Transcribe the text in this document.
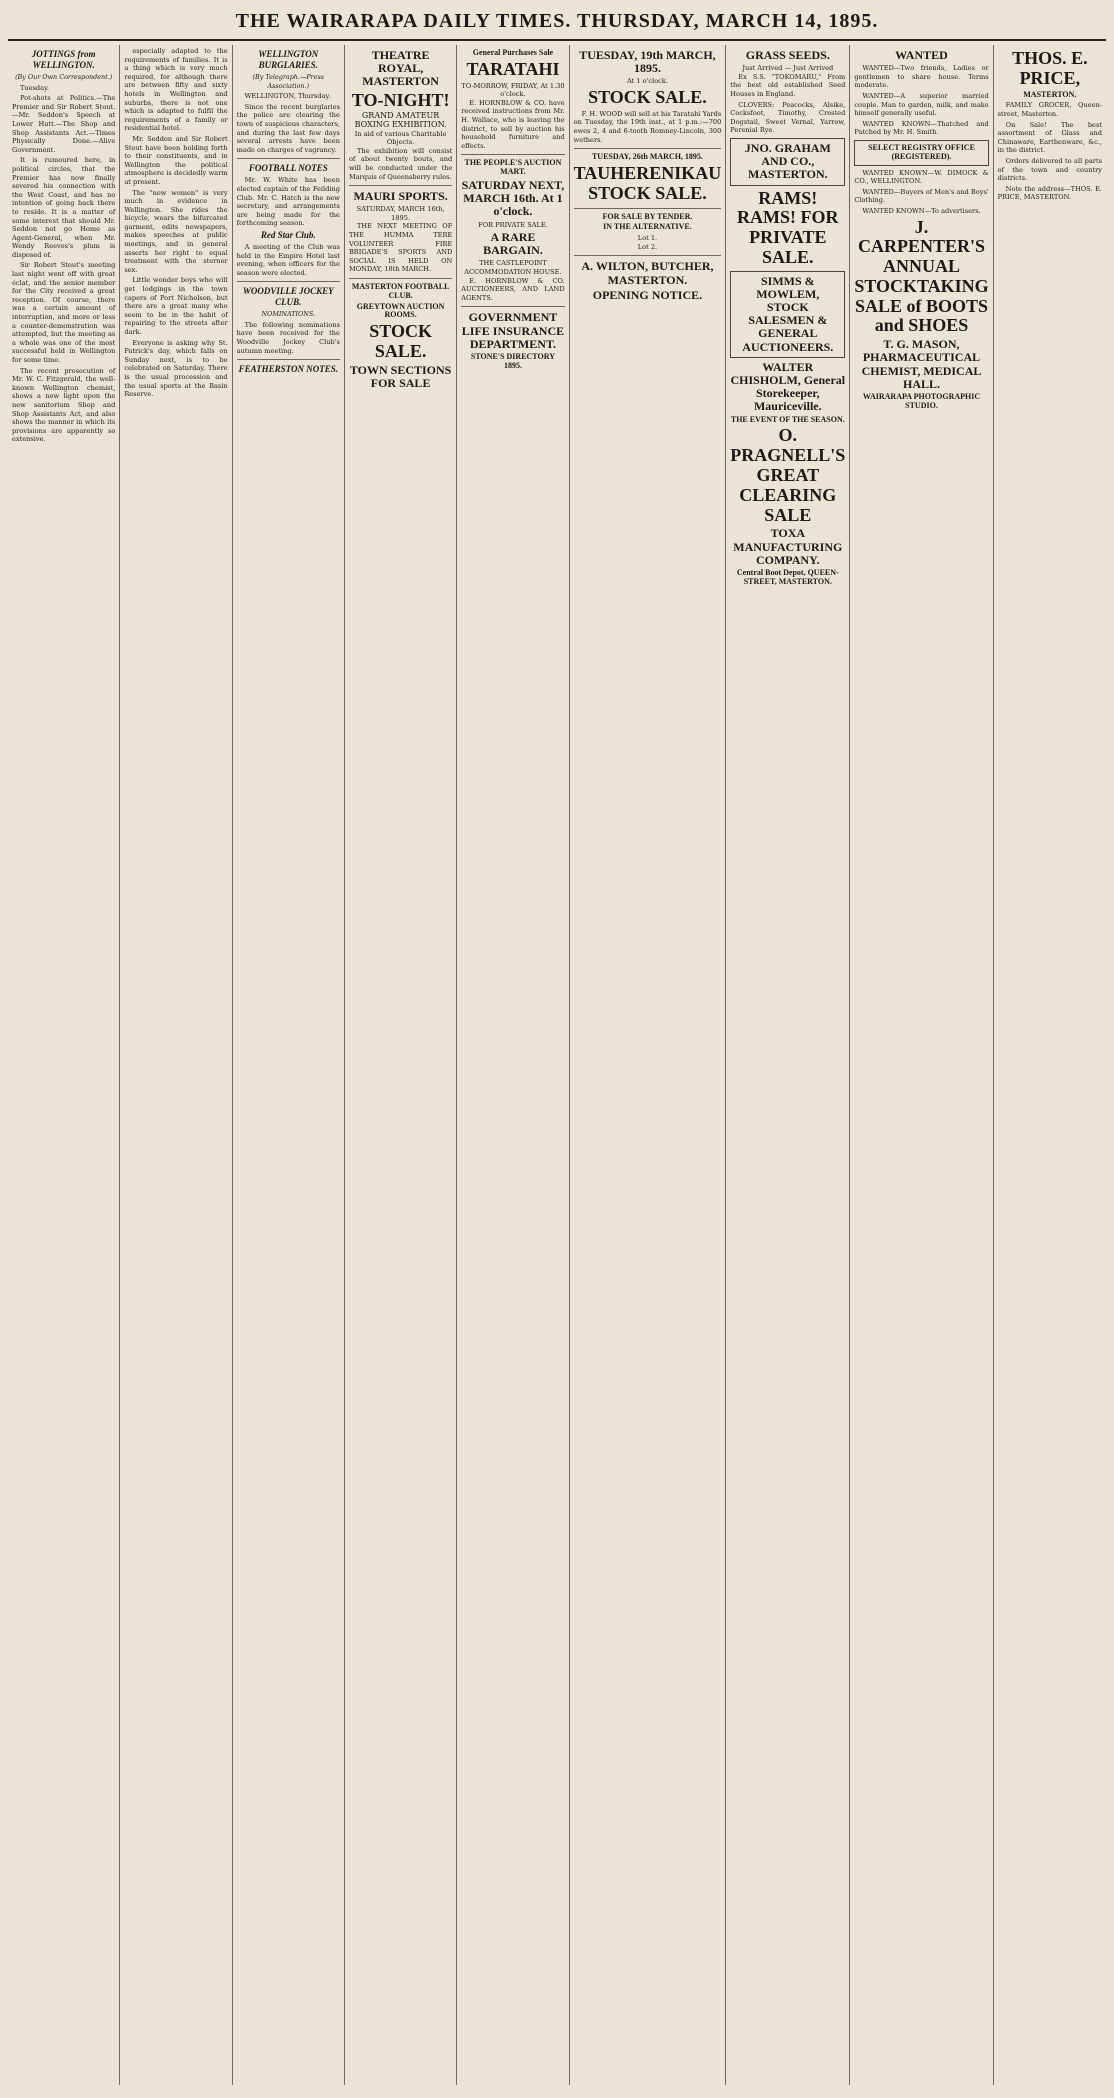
THE WAIRARAPA DAILY TIMES. THURSDAY, MARCH 14, 1895.
JOTTINGS from WELLINGTON.
(By Our Own Correspondent.)

Tuesday.

Pot-shots at Politics.—The Premier and Sir Robert Stout.—Mr. Seddon's Speech at Lower Hutt.—The Shop and Shop Assistants Act.—Times Physically Done.—Alive Government.

It is rumoured here, in political circles, that the Premier has now finally severed his connection with the West Coast, and has no intention of going back there to reside. It is a matter of some interest that should Mr. Seddon not go Home as Agent-General, when Mr. Wendy Reeves's plum is disposed of.

Sir Robert Stout's meeting last night went off with great éclat, and the senior member for the City received a great reception. Of course, there was a certain amount of interruption, and more or less a counter-demonstration was attempted, but the meeting as a whole was one of the most successful held in Wellington for some time.

The recent prosecution of Mr. W. C. Fitzgerald, the well-known Wellington chemist, shows a new light upon the new sanitorium Shop and Shop Assistants Act, and also shows the manner in which its provisions are apparently so extensive.

especially adapted to the requirements of families. It is a thing which is very much required, for although there are between fifty and sixty hotels in Wellington and suburbs, there is not one which is adapted to fulfil the requirements of a family or residential hotel.

Mr. Seddon and Sir Robert Stout have been holding forth to their constituents, and in Wellington the political atmosphere is decidedly warm at present.

The "new women" is very much in evidence in Wellington. She rides the bicycle, wears the bifurcated garment, edits newspapers, makes speeches at public meetings, and in general asserts her right to equal treatment with the sterner sex.

Little wonder boys who will get lodgings in the town capers of Port Nicholson, but there are a great many who seem to be in the habit of repairing to the streets after dark.

Everyone is asking why St. Patrick's day, which falls on Sunday next, is to be celebrated on Saturday. There is the usual procession and the usual sports at the Basin Reserve.

WELLINGTON BURGLARIES.
(By Telegraph.—Press Association.)

WELLINGTON, Thursday.

Since the recent burglaries the police are clearing the town of suspicious characters, and during the last few days several arrests have been made on charges of vagrancy.

FOOTBALL NOTES

Mr. W. White has been elected captain of the Feilding Club. Mr. C. Hatch is the new secretary, and arrangements are being made for the forthcoming season.

Red Star Club.

A meeting of the Club was held in the Empire Hotel last evening, when officers for the season were elected.

WOODVILLE JOCKEY CLUB.
NOMINATIONS.

The following nominations have been received for the Woodville Jockey Club's autumn meeting.

FEATHERSTON NOTES.
THEATRE ROYAL, MASTERTON
TO-NIGHT!

GRAND AMATEUR BOXING EXHIBITION.

In aid of various Charitable Objects.

The exhibition will consist of about twenty bouts, and will be conducted under the Marquis of Queensberry rules.

MAURI SPORTS.

SATURDAY, MARCH 16th, 1895.

THE NEXT MEETING OF THE HUMMA TERE VOLUNTEER FIRE BRIGADE'S SPORTS AND SOCIAL IS HELD ON MONDAY, 18th MARCH.

MASTERTON FOOTBALL CLUB.
GREYTOWN AUCTION ROOMS.
STOCK SALE.
TOWN SECTIONS FOR SALE
General Purchases Sale
TARATAHI

TO-MORROW, FRIDAY, At 1.30 o'clock.

E. HORNBLOW & CO. have received instructions from Mr. H. Wallace, who is leaving the district, to sell by auction his household furniture and effects.

THE PEOPLE'S AUCTION MART.
SATURDAY NEXT, MARCH 16th. At 1 o'clock.

FOR PRIVATE SALE.

A RARE BARGAIN.

THE CASTLEPOINT ACCOMMODATION HOUSE.

E. HORNBLOW & CO. AUCTIONEERS, AND LAND AGENTS.

GOVERNMENT LIFE INSURANCE DEPARTMENT.
STONE'S DIRECTORY 1895.
TUESDAY, 19th MARCH, 1895.

At 1 o'clock.

STOCK SALE.

F. H. WOOD will sell at his Taratahi Yards on Tuesday, the 19th inst., at 1 p.m.:—700 ewes 2, 4 and 6-tooth Romney-Lincoln, 300 wethers.

TUESDAY, 26th MARCH, 1895.
TAUHERENIKAU STOCK SALE.
FOR SALE BY TENDER.
IN THE ALTERNATIVE.

Lot 1.

Lot 2.

A. WILTON, BUTCHER, MASTERTON.
OPENING NOTICE.
GRASS SEEDS.

Just Arrived — Just Arrived

Ex S.S. "TOKOMARU," From the best old established Seed Houses in England.

CLOVERS: Peacocks, Alsike, Cocksfoot, Timothy, Crested Dogstail, Sweet Vernal, Yarrow, Perenial Rye.

JNO. GRAHAM AND CO., MASTERTON.
RAMS! RAMS! FOR PRIVATE SALE.
SIMMS & MOWLEM, STOCK SALESMEN & GENERAL AUCTIONEERS.
WALTER CHISHOLM, General Storekeeper, Mauriceville.
THE EVENT OF THE SEASON.
O. PRAGNELL'S GREAT CLEARING SALE
TOXA MANUFACTURING COMPANY.
Central Boot Depot, QUEEN-STREET, MASTERTON.
WANTED

WANTED—Two friends, Ladies or gentlemen to share house. Terms moderate.

WANTED—A superior married couple. Man to garden, milk, and make himself generally useful.

WANTED KNOWN—Thatched and Patched by Mr. H. Smith.

SELECT REGISTRY OFFICE (REGISTERED).

WANTED KNOWN—W. DIMOCK & CO., WELLINGTON.

WANTED—Buyers of Men's and Boys' Clothing.

WANTED KNOWN—To advertisers.

J. CARPENTER'S ANNUAL STOCKTAKING SALE of BOOTS and SHOES
T. G. MASON, PHARMACEUTICAL CHEMIST, MEDICAL HALL.
WAIRARAPA PHOTOGRAPHIC STUDIO.
THOS. E. PRICE,
MASTERTON.

FAMILY GROCER, Queen-street, Masterton.

On Sale! The best assortment of Glass and Chinaware, Earthenware, &c., in the district.

Orders delivered to all parts of the town and country districts.

Note the address—THOS. E. PRICE, MASTERTON.
